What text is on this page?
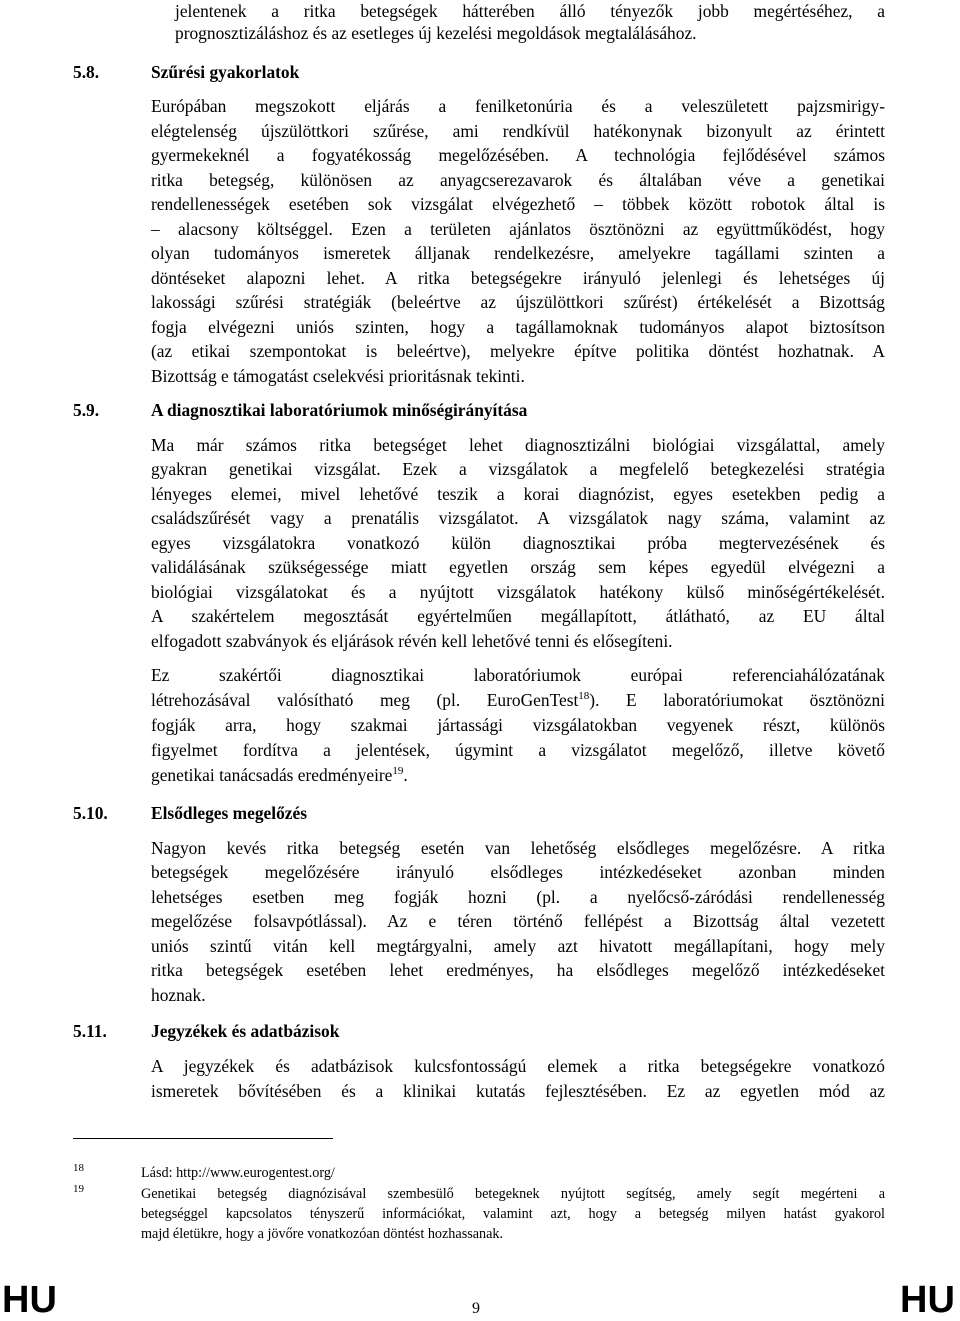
jelentenek a ritka betegségek hátterében álló tényezők jobb megértéséhez, a
prognosztizáláshoz és az esetleges új kezelési megoldások megtalálásához.
5.8.	Szűrési gyakorlatok
Európában megszokott eljárás a fenilketonúria és a veleszületett pajzsmirigy-
elégtelenség újszülöttkori szűrése, ami rendkívül hatékonynak bizonyult az érintett
gyermekeknél a fogyatékosság megelőzésében. A technológia fejlődésével számos
ritka betegség, különösen az anyagcserezavarok és általában véve a genetikai
rendellenességek esetében sok vizsgálat elvégezhető – többek között robotok által is
– alacsony költséggel. Ezen a területen ajánlatos ösztönözni az együttműködést, hogy
olyan tudományos ismeretek álljanak rendelkezésre, amelyekre tagállami szinten a
döntéseket alapozni lehet. A ritka betegségekre irányuló jelenlegi és lehetséges új
lakossági szűrési stratégiák (beleértve az újszülöttkori szűrést) értékelését a Bizottság
fogja elvégezni uniós szinten, hogy a tagállamoknak tudományos alapot biztosítson
(az etikai szempontokat is beleértve), melyekre építve politika döntést hozhatnak. A
Bizottság e támogatást cselekvési prioritásnak tekinti.
5.9.	A diagnosztikai laboratóriumok minőségirányítása
Ma már számos ritka betegséget lehet diagnosztizálni biológiai vizsgálattal, amely
gyakran genetikai vizsgálat. Ezek a vizsgálatok a megfelelő betegkezelési stratégia
lényeges elemei, mivel lehetővé teszik a korai diagnózist, egyes esetekben pedig a
családszűrését vagy a prenatális vizsgálatot. A vizsgálatok nagy száma, valamint az
egyes vizsgálatokra vonatkozó külön diagnosztikai próba megtervezésének és
validálásának szükségessége miatt egyetlen ország sem képes egyedül elvégezni a
biológiai vizsgálatokat és a nyújtott vizsgálatok hatékony külső minőségértékelését.
A szakértelem megosztását egyértelműen megállapított, átlátható, az EU által
elfogadott szabványok és eljárások révén kell lehetővé tenni és elősegíteni.
Ez szakértői diagnosztikai laboratóriumok európai referenciahálózatának
létrehozásával valósítható meg (pl. EuroGenTest$^{18}$). E laboratóriumokat ösztönözni
fogják arra, hogy szakmai jártassági vizsgálatokban vegyenek részt, különös
figyelmet fordítva a jelentések, úgymint a vizsgálatot megelőző, illetve követő
genetikai tanácsadás eredményeire$^{19}$.
5.10. Elsődleges megelőzés
Nagyon kevés ritka betegség esetén van lehetőség elsődleges megelőzésre. A ritka
betegségek megelőzésére irányuló elsődleges intézkedéseket azonban minden
lehetséges esetben meg fogják hozni (pl. a nyelőcső-záródási rendellenesség
megelőzése folsavpótlással). Az e téren történő fellépést a Bizottság által vezetett
uniós szintű vitán kell megtárgyalni, amely azt hivatott megállapítani, hogy mely
ritka betegségek esetében lehet eredményes, ha elsődleges megelőző intézkedéseket
hoznak.
5.11.	Jegyzékek és adatbázisok
A jegyzékek és adatbázisok kulcsfontosságú elemek a ritka betegségekre vonatkozó
ismeretek bővítésében és a klinikai kutatás fejlesztésében. Ez az egyetlen mód az
18	Lásd: http://www.eurogentest.org/
19	Genetikai betegség diagnózisával szembesülő betegeknek nyújtott segítség, amely segít megérteni a
betegséggel kapcsolatos tényszerű információkat, valamint azt, hogy a betegség milyen hatást gyakorol
majd életükre, hogy a jövőre vonatkozóan döntést hozhassanak.
HU	9	HU
